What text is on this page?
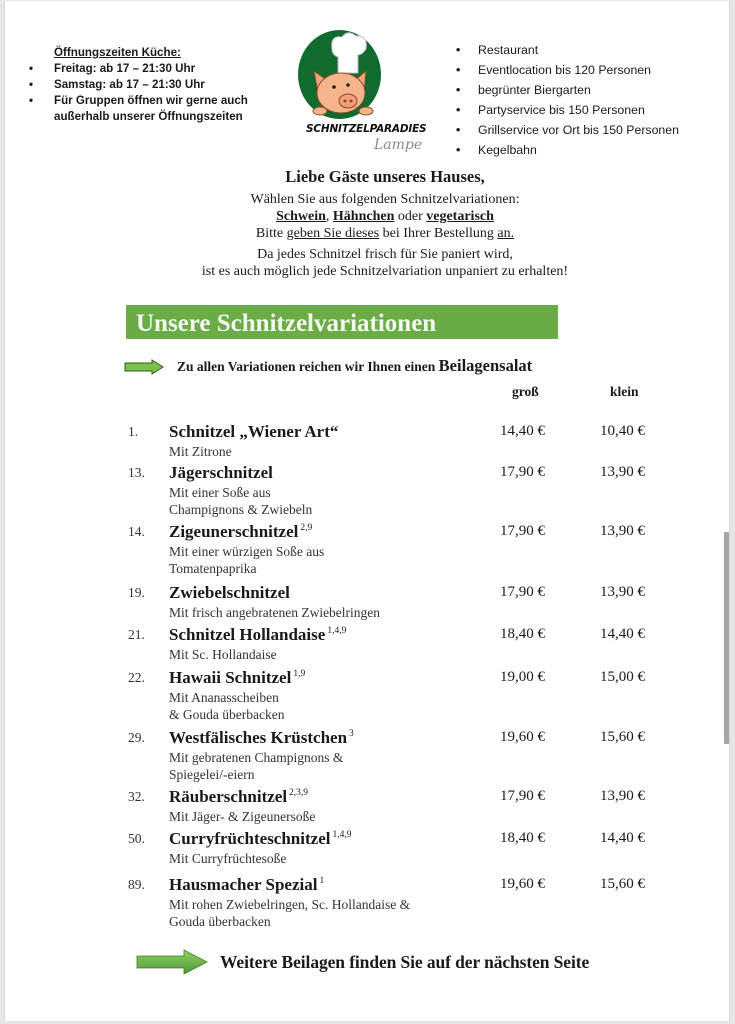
Öffnungszeiten Küche:
• Freitag: ab 17 – 21:30 Uhr
• Samstag: ab 17 – 21:30 Uhr
• Für Gruppen öffnen wir gerne auch außerhalb unserer Öffnungszeiten
SCHNITZELPARADIES
Lampe
• Restaurant
• Eventlocation bis 120 Personen
• begrünter Biergarten
• Partyservice bis 150 Personen
• Grillservice vor Ort bis 150 Personen
• Kegelbahn
Liebe Gäste unseres Hauses,
Wählen Sie aus folgenden Schnitzelvariationen:
Schwein, Hähnchen oder vegetarisch
Bitte geben Sie dieses bei Ihrer Bestellung an.
Da jedes Schnitzel frisch für Sie paniert wird,
ist es auch möglich jede Schnitzelvariation unpaniert zu erhalten!
Unsere Schnitzelvariationen
Zu allen Variationen reichen wir Ihnen einen Beilagensalat
groß	klein
1. Schnitzel „Wiener Art“
Mit Zitrone
14,40 €	10,40 €
13. Jägerschnitzel
Mit einer Soße aus
Champignons & Zwiebeln
17,90 €	13,90 €
14. Zigeunerschnitzel $^{2,9}$
Mit einer würzigen Soße aus
Tomatenpaprika
17,90 €	13,90 €
19. Zwiebelschnitzel
Mit frisch angebratenen Zwiebelringen
17,90 €	13,90 €
21. Schnitzel Hollandaise $^{1,4,9}$
Mit Sc. Hollandaise
18,40 €	14,40 €
22. Hawaii Schnitzel $^{1,9}$
Mit Ananasscheiben
& Gouda überbacken
19,00 €	15,00 €
29. Westfälisches Krüstchen $^3$
Mit gebratenen Champignons &
Spiegelei/-eiern
19,60 €	15,60 €
32. Räuberschnitzel $^{2,3,9}$
Mit Jäger- & Zigeunersoße
17,90 €	13,90 €
50. Curryfrüchteschnitzel $^{1,4,9}$
Mit Curryfrüchtesoße
18,40 €	14,40 €
89. Hausmacher Spezial $^1$
Mit rohen Zwiebelringen, Sc. Hollandaise &
Gouda überbacken
19,60 €	15,60 €
Weitere Beilagen finden Sie auf der nächsten Seite
